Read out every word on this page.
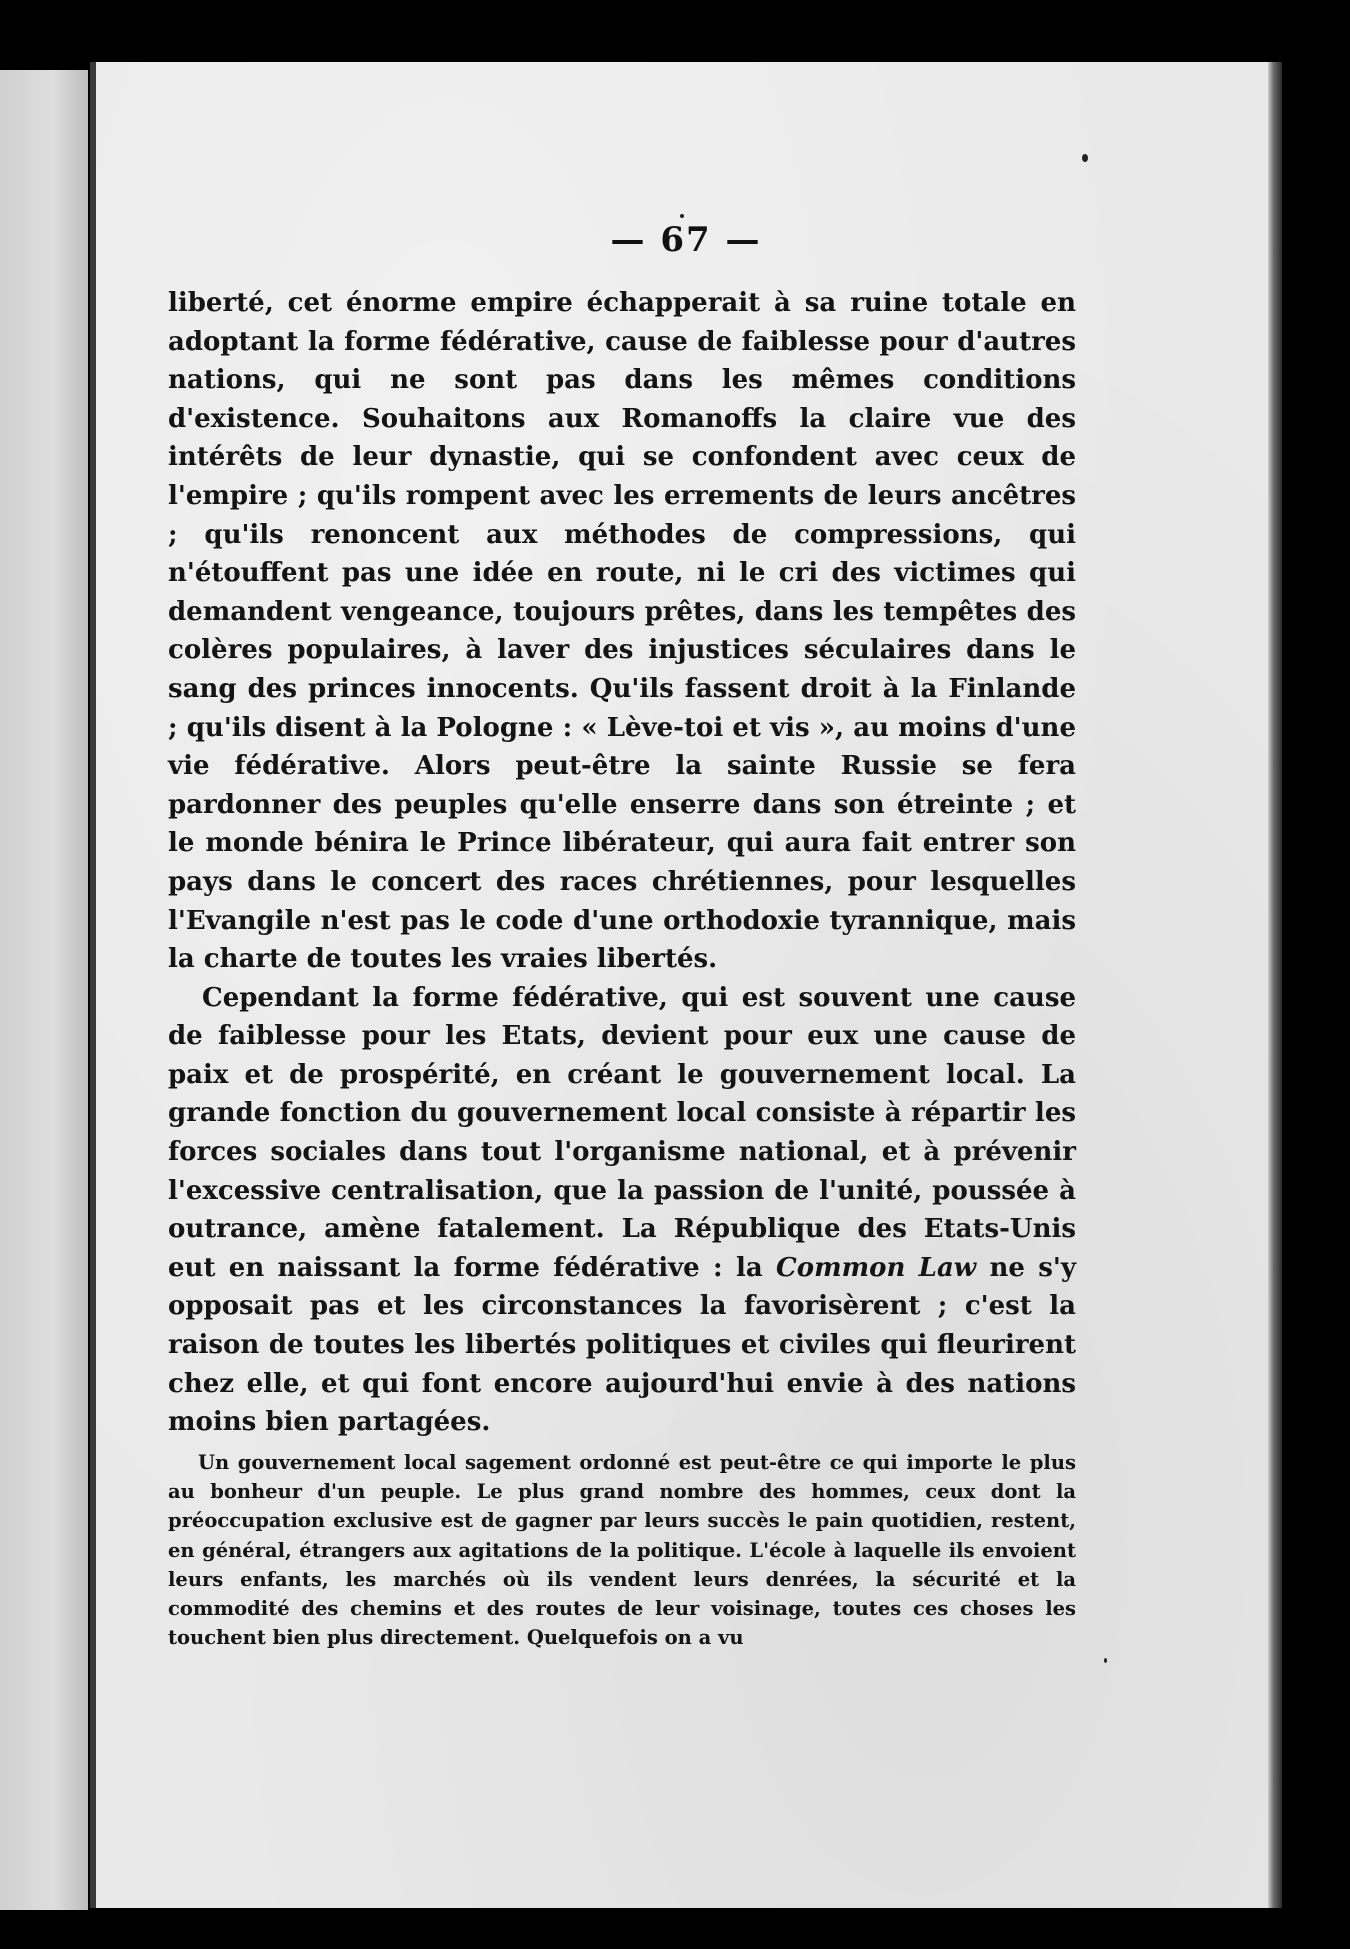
— 67 —

liberté, cet énorme empire échapperait à sa ruine totale en adoptant la forme fédérative, cause de faiblesse pour d'autres nations, qui ne sont pas dans les mêmes conditions d'existence. Souhaitons aux Romanoffs la claire vue des intérêts de leur dynastie, qui se confondent avec ceux de l'empire ; qu'ils rompent avec les errements de leurs ancêtres ; qu'ils renoncent aux méthodes de compressions, qui n'étouffent pas une idée en route, ni le cri des victimes qui demandent vengeance, toujours prêtes, dans les tempêtes des colères populaires, à laver des injustices séculaires dans le sang des princes innocents. Qu'ils fassent droit à la Finlande ; qu'ils disent à la Pologne : « Lève-toi et vis », au moins d'une vie fédérative. Alors peut-être la sainte Russie se fera pardonner des peuples qu'elle enserre dans son étreinte ; et le monde bénira le Prince libérateur, qui aura fait entrer son pays dans le concert des races chrétiennes, pour lesquelles l'Evangile n'est pas le code d'une orthodoxie tyrannique, mais la charte de toutes les vraies libertés.

Cependant la forme fédérative, qui est souvent une cause de faiblesse pour les Etats, devient pour eux une cause de paix et de prospérité, en créant le gouvernement local. La grande fonction du gouvernement local consiste à répartir les forces sociales dans tout l'organisme national, et à prévenir l'excessive centralisation, que la passion de l'unité, poussée à outrance, amène fatalement. La République des Etats-Unis eut en naissant la forme fédérative : la Common Law ne s'y opposait pas et les circonstances la favorisèrent ; c'est la raison de toutes les libertés politiques et civiles qui fleurirent chez elle, et qui font encore aujourd'hui envie à des nations moins bien partagées.

Un gouvernement local sagement ordonné est peut-être ce qui importe le plus au bonheur d'un peuple. Le plus grand nombre des hommes, ceux dont la préoccupation exclusive est de gagner par leurs succès le pain quotidien, restent, en général, étrangers aux agitations de la politique. L'école à laquelle ils envoient leurs enfants, les marchés où ils vendent leurs denrées, la sécurité et la commodité des chemins et des routes de leur voisinage, toutes ces choses les touchent bien plus directement. Quelquefois on a vu
